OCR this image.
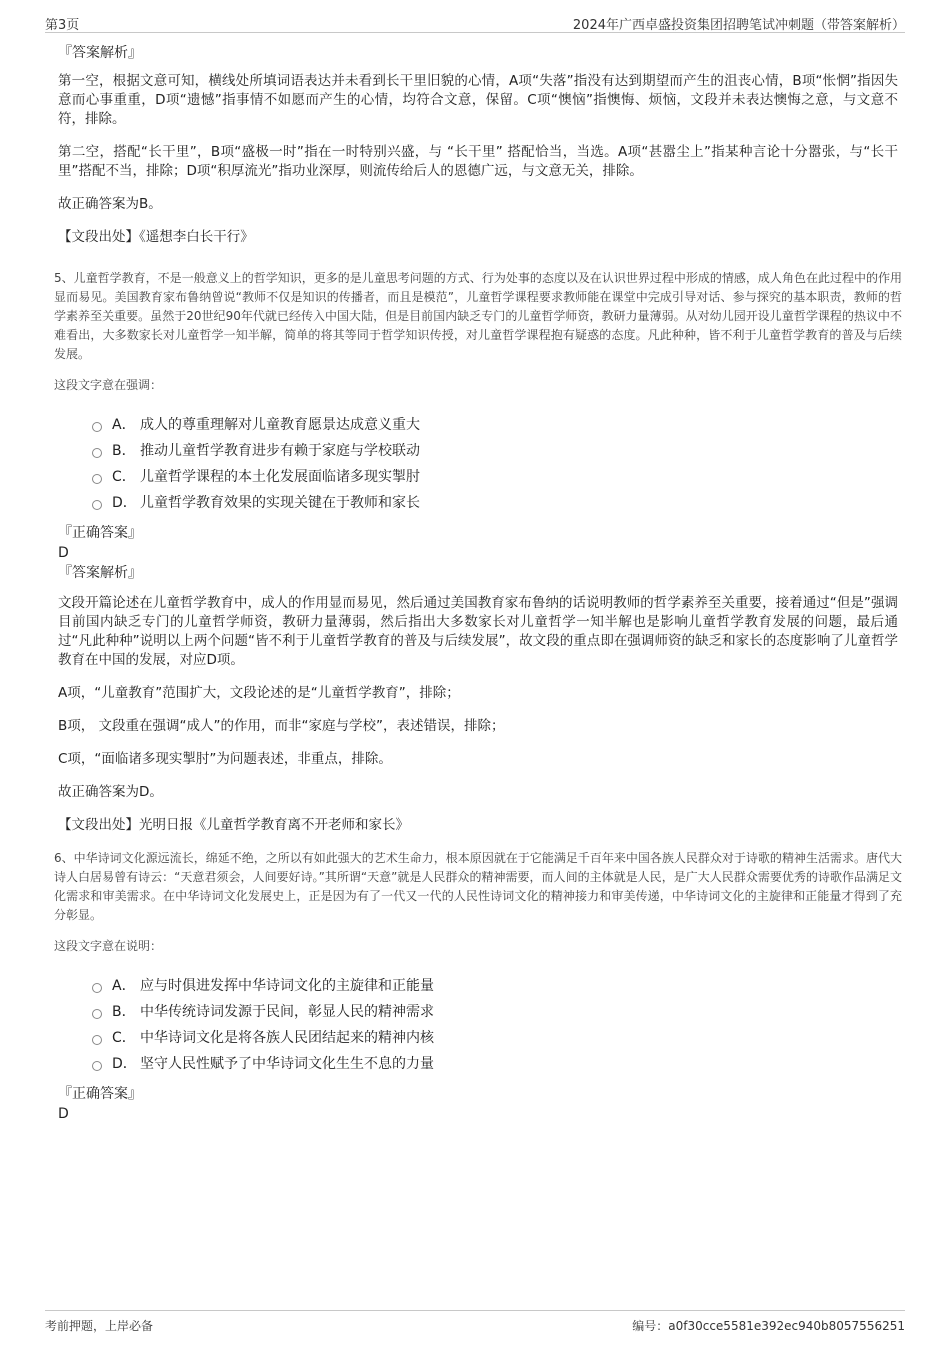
第3页	2024年广西卓盛投资集团招聘笔试冲刺题（带答案解析）
『答案解析』

第一空，根据文意可知，横线处所填词语表达并未看到长干里旧貌的心情，A项“失落”指没有达到期望而产生的沮丧心情，B项“怅惘”指因失意而心事重重，D项“遗憾”指事情不如愿而产生的心情，均符合文意，保留。C项“懊恼”指懊悔、烦恼，文段并未表达懊悔之意，与文意不符，排除。

第二空，搭配“长干里”，B项“盛极一时”指在一时特别兴盛，与 “长干里” 搭配恰当，当选。A项“甚嚣尘上”指某种言论十分嚣张，与“长干里”搭配不当，排除；D项“积厚流光”指功业深厚，则流传给后人的恩德广远，与文意无关，排除。

故正确答案为B。

【文段出处】《遥想李白长干行》

5、儿童哲学教育，不是一般意义上的哲学知识，更多的是儿童思考问题的方式、行为处事的态度以及在认识世界过程中形成的情感，成人角色在此过程中的作用显而易见。美国教育家布鲁纳曾说“教师不仅是知识的传播者，而且是模范”，儿童哲学课程要求教师能在课堂中完成引导对话、参与探究的基本职责，教师的哲学素养至关重要。虽然于20世纪90年代就已经传入中国大陆，但是目前国内缺乏专门的儿童哲学师资，教研力量薄弱。从对幼儿园开设儿童哲学课程的热议中不难看出，大多数家长对儿童哲学一知半解，简单的将其等同于哲学知识传授，对儿童哲学课程抱有疑惑的态度。凡此种种，皆不利于儿童哲学教育的普及与后续发展。

这段文字意在强调：

A． 成人的尊重理解对儿童教育愿景达成意义重大
B． 推动儿童哲学教育进步有赖于家庭与学校联动
C． 儿童哲学课程的本土化发展面临诸多现实掣肘
D． 儿童哲学教育效果的实现关键在于教师和家长
『正确答案』
D
『答案解析』

文段开篇论述在儿童哲学教育中，成人的作用显而易见，然后通过美国教育家布鲁纳的话说明教师的哲学素养至关重要，接着通过“但是”强调目前国内缺乏专门的儿童哲学师资，教研力量薄弱，然后指出大多数家长对儿童哲学一知半解也是影响儿童哲学教育发展的问题，最后通过“凡此种种”说明以上两个问题“皆不利于儿童哲学教育的普及与后续发展”，故文段的重点即在强调师资的缺乏和家长的态度影响了儿童哲学教育在中国的发展，对应D项。

A项，“儿童教育”范围扩大，文段论述的是“儿童哲学教育”，排除；

B项， 文段重在强调“成人”的作用，而非“家庭与学校”，表述错误，排除；

C项，“面临诸多现实掣肘”为问题表述，非重点，排除。

故正确答案为D。

【文段出处】光明日报《儿童哲学教育离不开老师和家长》

6、中华诗词文化源远流长，绵延不绝，之所以有如此强大的艺术生命力，根本原因就在于它能满足千百年来中国各族人民群众对于诗歌的精神生活需求。唐代大诗人白居易曾有诗云：“天意君须会，人间要好诗。”其所谓“天意”就是人民群众的精神需要，而人间的主体就是人民，是广大人民群众需要优秀的诗歌作品满足文化需求和审美需求。在中华诗词文化发展史上，正是因为有了一代又一代的人民性诗词文化的精神接力和审美传递，中华诗词文化的主旋律和正能量才得到了充分彰显。

这段文字意在说明：

A． 应与时俱进发挥中华诗词文化的主旋律和正能量
B． 中华传统诗词发源于民间，彰显人民的精神需求
C． 中华诗词文化是将各族人民团结起来的精神内核
D． 坚守人民性赋予了中华诗词文化生生不息的力量
『正确答案』
D
考前押题，上岸必备	编号：a0f30cce5581e392ec940b8057556251
